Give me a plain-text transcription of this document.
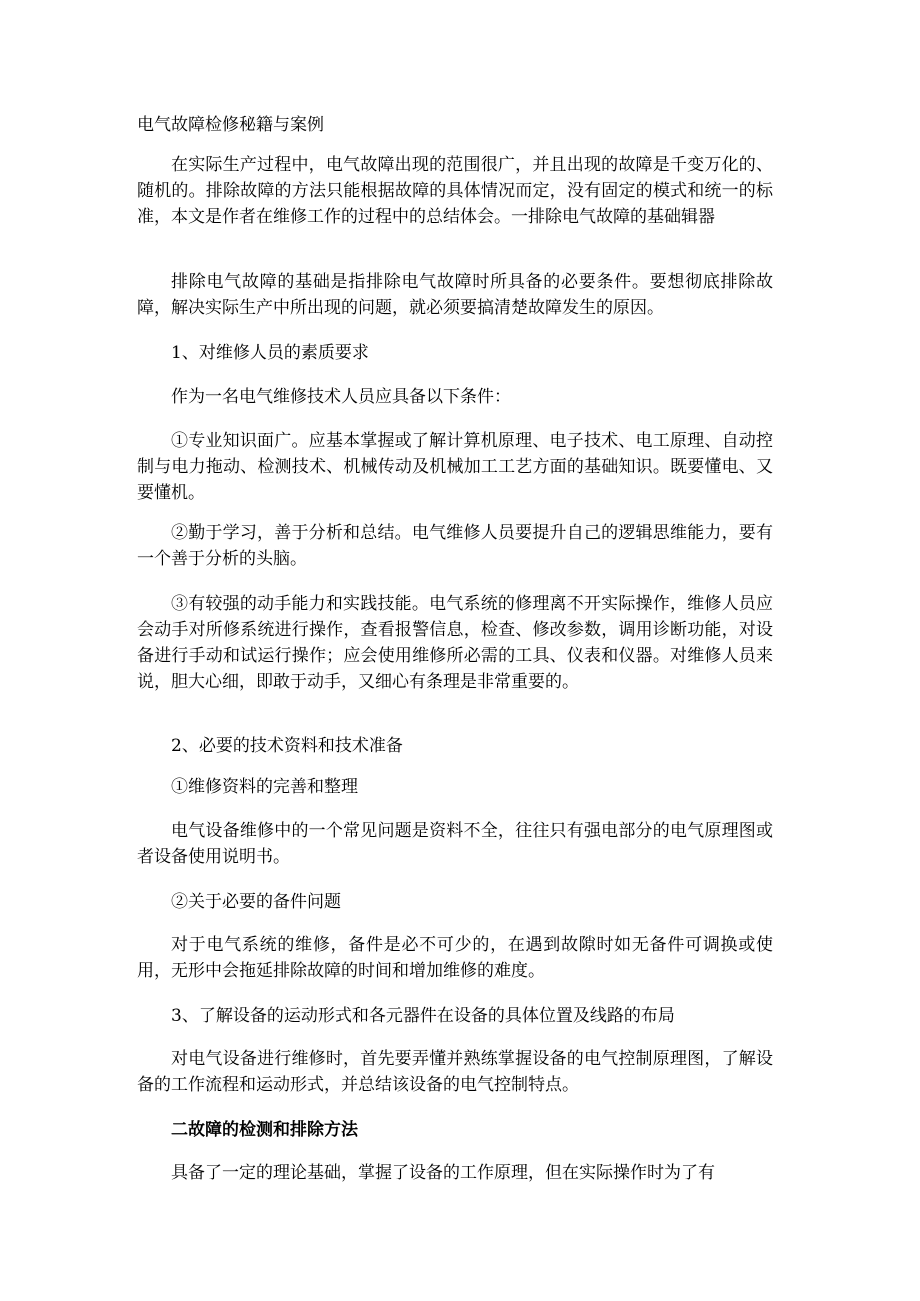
电气故障检修秘籍与案例

在实际生产过程中，电气故障出现的范围很广，并且出现的故障是千变万化的、随机的。排除故障的方法只能根据故障的具体情况而定，没有固定的模式和统一的标准，本文是作者在维修工作的过程中的总结体会。一排除电气故障的基础辑器

排除电气故障的基础是指排除电气故障时所具备的必要条件。要想彻底排除故障，解决实际生产中所出现的问题，就必须要搞清楚故障发生的原因。

1、对维修人员的素质要求

作为一名电气维修技术人员应具备以下条件：

①专业知识面广。应基本掌握或了解计算机原理、电子技术、电工原理、自动控制与电力拖动、检测技术、机械传动及机械加工工艺方面的基础知识。既要懂电、又要懂机。

②勤于学习，善于分析和总结。电气维修人员要提升自己的逻辑思维能力，要有一个善于分析的头脑。

③有较强的动手能力和实践技能。电气系统的修理离不开实际操作，维修人员应会动手对所修系统进行操作，查看报警信息，检查、修改参数，调用诊断功能，对设备进行手动和试运行操作；应会使用维修所必需的工具、仪表和仪器。对维修人员来说，胆大心细，即敢于动手，又细心有条理是非常重要的。

2、必要的技术资料和技术准备

①维修资料的完善和整理

电气设备维修中的一个常见问题是资料不全，往往只有强电部分的电气原理图或者设备使用说明书。

②关于必要的备件问题

对于电气系统的维修，备件是必不可少的，在遇到故隙时如无备件可调换或使用，无形中会拖延排除故障的时间和增加维修的难度。

3、了解设备的运动形式和各元器件在设备的具体位置及线路的布局

对电气设备进行维修时，首先要弄懂并熟练掌握设备的电气控制原理图，了解设备的工作流程和运动形式，并总结该设备的电气控制特点。

二故障的检测和排除方法

具备了一定的理论基础，掌握了设备的工作原理，但在实际操作时为了有
